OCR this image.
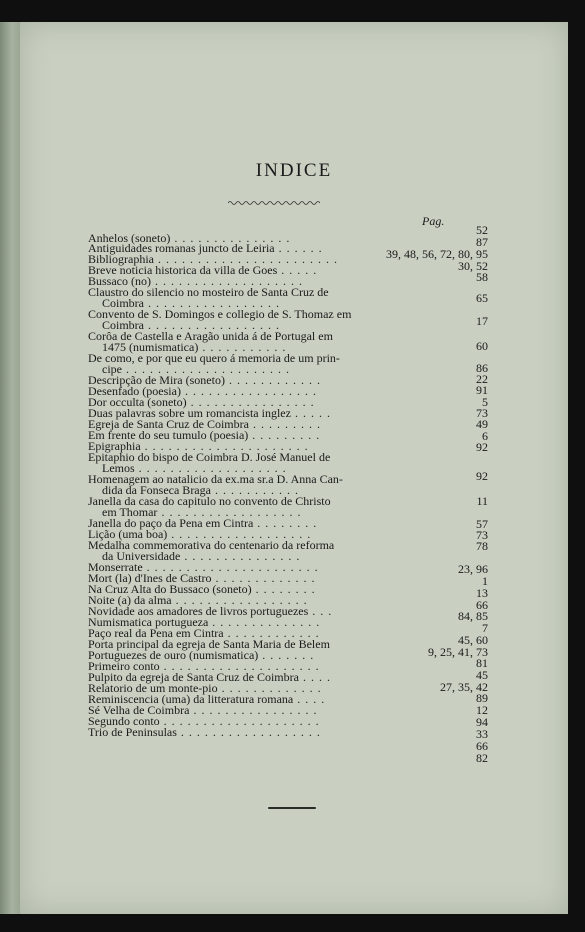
INDICE
Pag.
Anhelos (soneto) . . . . . . . . . . . . . . .
Antiguidades romanas juncto de Leiria . . . . . .
Bibliographia . . . . . . . . . . . . . . . . . . . . . . .
Breve noticia historica da villa de Goes . . . . .
Bussaco (no) . . . . . . . . . . . . . . . . . . .
Claustro do silencio no mosteiro de Santa Cruz de
Coimbra . . . . . . . . . . . . . . . . .
Convento de S. Domingos e collegio de S. Thomaz em
Coimbra . . . . . . . . . . . . . . . . .
Corôa de Castella e Aragão unida á de Portugal em
1475 (numismatica) . . . . . . . . . . .
De como, e por que eu quero á memoria de um prin-
cipe . . . . . . . . . . . . . . . . . . . . .
Descripção de Mira (soneto) . . . . . . . . . . . .
Desenfado (poesia) . . . . . . . . . . . . . . . . .
Dor occulta (soneto) . . . . . . . . . . . . . . . .
Duas palavras sobre um romancista inglez . . . . .
Egreja de Santa Cruz de Coimbra . . . . . . . . .
Em frente do seu tumulo (poesia) . . . . . . . . .
Epigraphia . . . . . . . . . . . . . . . . . . . . .
Epitaphio do bispo de Coimbra D. José Manuel de
Lemos . . . . . . . . . . . . . . . . . . .
Homenagem ao natalicio da ex.ma sr.a D. Anna Can-
dida da Fonseca Braga . . . . . . . . . . .
Janella da casa do capitulo no convento de Christo
em Thomar . . . . . . . . . . . . . . . . . .
Janella do paço da Pena em Cintra . . . . . . . .
Lição (uma boa) . . . . . . . . . . . . . . . . . .
Medalha commemorativa do centenario da reforma
da Universidade . . . . . . . . . . . . . . .
Monserrate . . . . . . . . . . . . . . . . . . . . . .
Mort (la) d'Ines de Castro . . . . . . . . . . . . .
Na Cruz Alta do Bussaco (soneto) . . . . . . . .
Noite (a) da alma . . . . . . . . . . . . . . . . .
Novidade aos amadores de livros portuguezes . . .
Numismatica portugueza . . . . . . . . . . . . . .
Paço real da Pena em Cintra . . . . . . . . . . . .
Porta principal da egreja de Santa Maria de Belem
Portuguezes de ouro (numismatica) . . . . . . .
Primeiro conto . . . . . . . . . . . . . . . . . . . .
Pulpito da egreja de Santa Cruz de Coimbra . . . .
Relatorio de um monte-pio . . . . . . . . . . . . .
Reminiscencia (uma) da litteratura romana . . . .
Sé Velha de Coimbra . . . . . . . . . . . . . . . .
Segundo conto . . . . . . . . . . . . . . . . . . . .
Trio de Peninsulas . . . . . . . . . . . . . . . . . .
52
87
39, 48, 56, 72, 80, 95
30, 52
58
65
17
60
86
22
91
5
73
49
6
92
92
11
57
73
78
23, 96
1
13
66
84, 85
7
45, 60
9, 25, 41, 73
81
45
27, 35, 42
89
12
94
33
66
82
